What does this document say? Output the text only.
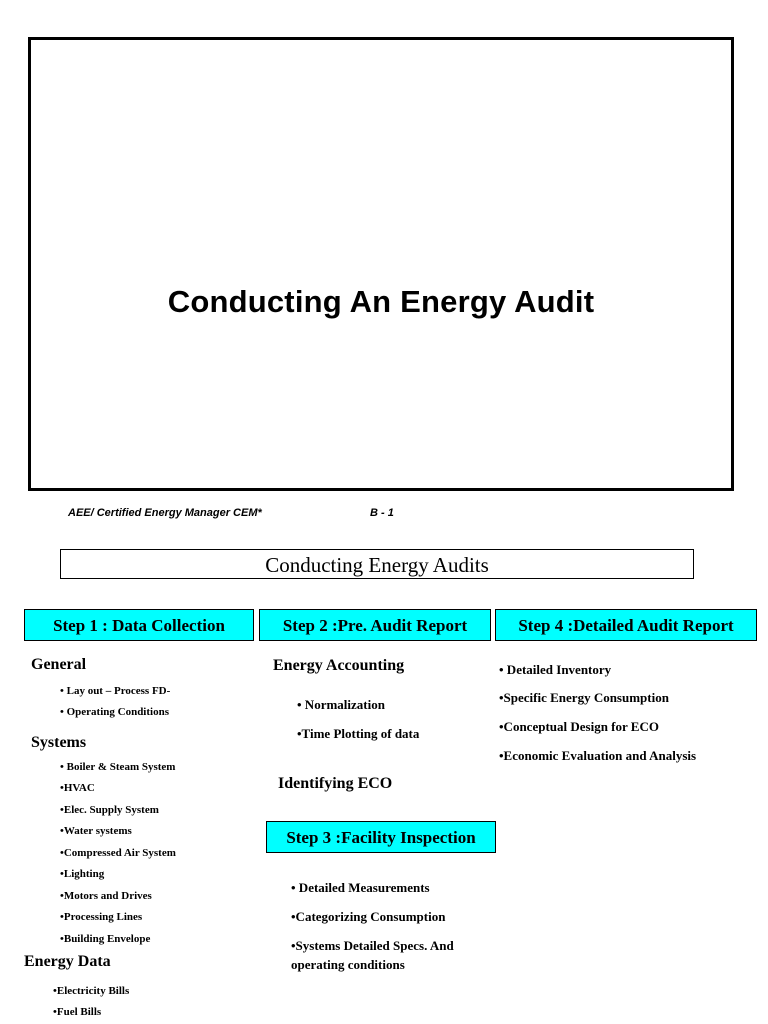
Conducting An Energy Audit
AEE/ Certified Energy Manager CEM*	B - 1
Conducting Energy Audits
Step 1 : Data Collection	Step 2 :Pre. Audit Report	Step 4 :Detailed Audit Report
General
• Lay out – Process FD-
• Operating Conditions
Systems
• Boiler & Steam System
•HVAC
•Elec. Supply System
•Water systems
•Compressed Air System
•Lighting
•Motors and Drives
•Processing Lines
•Building Envelope
Energy Data
•Electricity Bills
•Fuel Bills
Energy Accounting
• Normalization
•Time Plotting of data
Identifying ECO
Step 3 :Facility Inspection
• Detailed Measurements
•Categorizing Consumption
•Systems Detailed Specs. And
operating conditions
• Detailed Inventory
•Specific Energy Consumption
•Conceptual Design for ECO
•Economic Evaluation and Analysis
